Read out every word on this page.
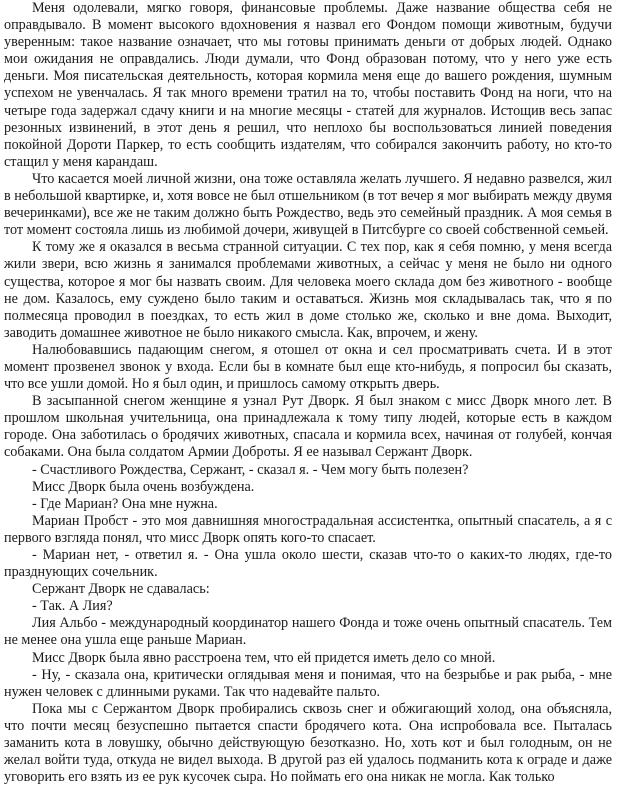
Меня одолевали, мягко говоря, финансовые проблемы. Даже название общества себя не оправдывало. В момент высокого вдохновения я назвал его Фондом помощи животным, будучи уверенным: такое название означает, что мы готовы принимать деньги от добрых людей. Однако мои ожидания не оправдались. Люди думали, что Фонд образован потому, что у него уже есть деньги. Моя писательская деятельность, которая кормила меня еще до вашего рождения, шумным успехом не увенчалась. Я так много времени тратил на то, чтобы поставить Фонд на ноги, что на четыре года задержал сдачу книги и на многие месяцы - статей для журналов. Истощив весь запас резонных извинений, в этот день я решил, что неплохо бы воспользоваться линией поведения покойной Дороти Паркер, то есть сообщить издателям, что собирался закончить работу, но кто-то стащил у меня карандаш.

Что касается моей личной жизни, она тоже оставляла желать лучшего. Я недавно развелся, жил в небольшой квартирке, и, хотя вовсе не был отшельником (в тот вечер я мог выбирать между двумя вечеринками), все же не таким должно быть Рождество, ведь это семейный праздник. А моя семья в тот момент состояла лишь из любимой дочери, живущей в Питсбурге со своей собственной семьей.

К тому же я оказался в весьма странной ситуации. С тех пор, как я себя помню, у меня всегда жили звери, всю жизнь я занимался проблемами животных, а сейчас у меня не было ни одного существа, которое я мог бы назвать своим. Для человека моего склада дом без животного - вообще не дом. Казалось, ему суждено было таким и оставаться. Жизнь моя складывалась так, что я по полмесяца проводил в поездках, то есть жил в доме столько же, сколько и вне дома. Выходит, заводить домашнее животное не было никакого смысла. Как, впрочем, и жену.

Налюбовавшись падающим снегом, я отошел от окна и сел просматривать счета. И в этот момент прозвенел звонок у входа. Если бы в комнате был еще кто-нибудь, я попросил бы сказать, что все ушли домой. Но я был один, и пришлось самому открыть дверь.

В засыпанной снегом женщине я узнал Рут Дворк. Я был знаком с мисс Дворк много лет. В прошлом школьная учительница, она принадлежала к тому типу людей, которые есть в каждом городе. Она заботилась о бродячих животных, спасала и кормила всех, начиная от голубей, кончая собаками. Она была солдатом Армии Доброты. Я ее называл Сержант Дворк.

- Счастливого Рождества, Сержант, - сказал я. - Чем могу быть полезен?

Мисс Дворк была очень возбуждена.

- Где Мариан? Она мне нужна.

Мариан Пробст - это моя давнишняя многострадальная ассистентка, опытный спасатель, а я с первого взгляда понял, что мисс Дворк опять кого-то спасает.

- Мариан нет, - ответил я. - Она ушла около шести, сказав что-то о каких-то людях, где-то празднующих сочельник.

Сержант Дворк не сдавалась:

- Так. А Лия?

Лия Альбо - международный координатор нашего Фонда и тоже очень опытный спасатель. Тем не менее она ушла еще раньше Мариан.

Мисс Дворк была явно расстроена тем, что ей придется иметь дело со мной.

- Ну, - сказала она, критически оглядывая меня и понимая, что на безрыбье и рак рыба, - мне нужен человек с длинными руками. Так что надевайте пальто.

Пока мы с Сержантом Дворк пробирались сквозь снег и обжигающий холод, она объясняла, что почти месяц безуспешно пытается спасти бродячего кота. Она испробовала все. Пыталась заманить кота в ловушку, обычно действующую безотказно. Но, хоть кот и был голодным, он не желал войти туда, откуда не видел выхода. В другой раз ей удалось подманить кота к ограде и даже уговорить его взять из ее рук кусочек сыра. Но поймать его она никак не могла. Как только
